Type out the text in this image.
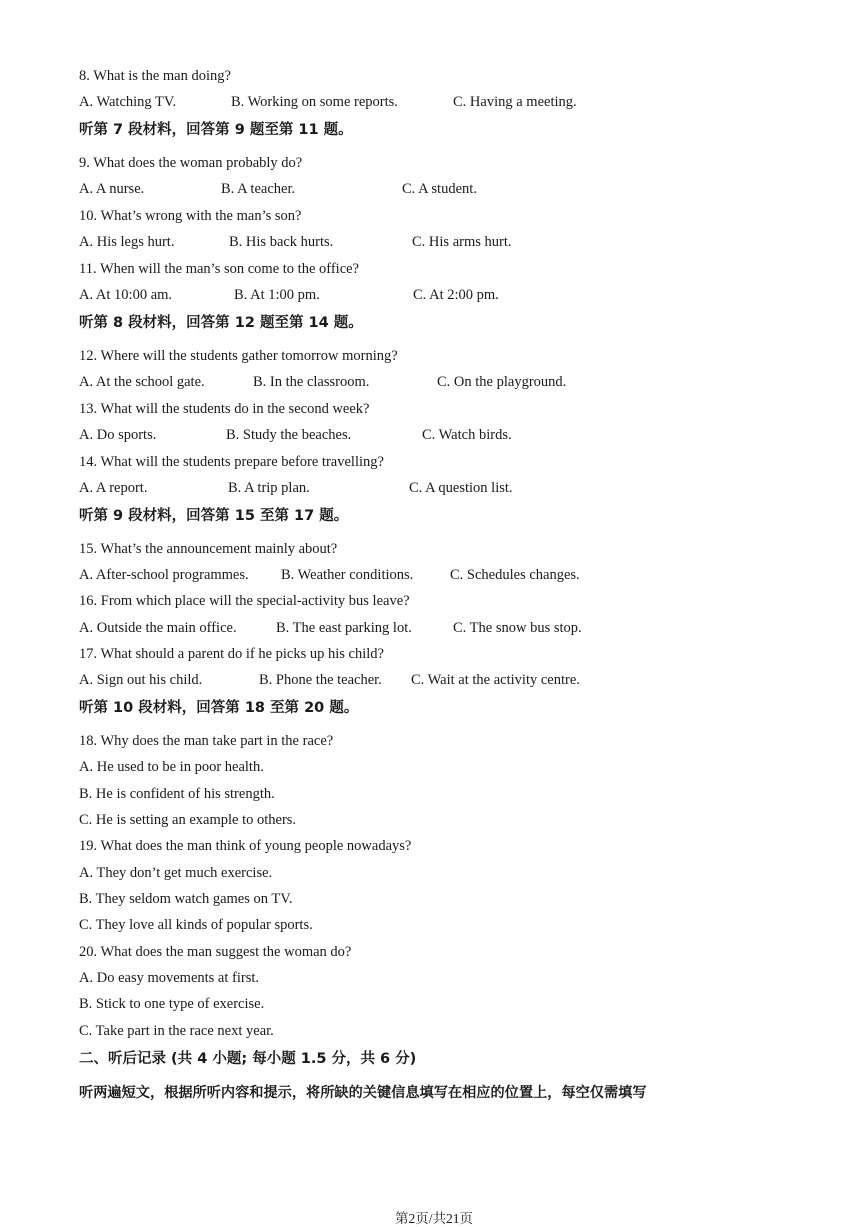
8. What is the man doing?
A. Watching TV.	B. Working on some reports.	C. Having a meeting.
听第 7 段材料，回答第 9 题至第 11 题。
9. What does the woman probably do?
A. A nurse.	B. A teacher.	C. A student.
10. What’s wrong with the man’s son?
A. His legs hurt.	B. His back hurts.	C. His arms hurt.
11. When will the man’s son come to the office?
A. At 10:00 am.	B. At 1:00 pm.	C. At 2:00 pm.
听第 8 段材料，回答第 12 题至第 14 题。
12. Where will the students gather tomorrow morning?
A. At the school gate.	B. In the classroom.	C. On the playground.
13. What will the students do in the second week?
A. Do sports.	B. Study the beaches.	C. Watch birds.
14. What will the students prepare before travelling?
A. A report.	B. A trip plan.	C. A question list.
听第 9 段材料，回答第 15 至第 17 题。
15. What’s the announcement mainly about?
A. After-school programmes. B. Weather conditions.	C. Schedules changes.
16. From which place will the special-activity bus leave?
A. Outside the main office.	B. The east parking lot.	C. The snow bus stop.
17. What should a parent do if he picks up his child?
A. Sign out his child.	B. Phone the teacher. C. Wait at the activity centre.
听第 10 段材料，回答第 18 至第 20 题。
18. Why does the man take part in the race?
A. He used to be in poor health.
B. He is confident of his strength.
C. He is setting an example to others.
19. What does the man think of young people nowadays?
A. They don’t get much exercise.
B. They seldom watch games on TV.
C. They love all kinds of popular sports.
20. What does the man suggest the woman do?
A. Do easy movements at first.
B. Stick to one type of exercise.
C. Take part in the race next year.
二、听后记录 (共 4 小题; 每小题 1.5 分，共 6 分)
听两遍短文，根据所听内容和提示，将所缺的关键信息填写在相应的位置上，每空仅需填写
第2页/共21页
